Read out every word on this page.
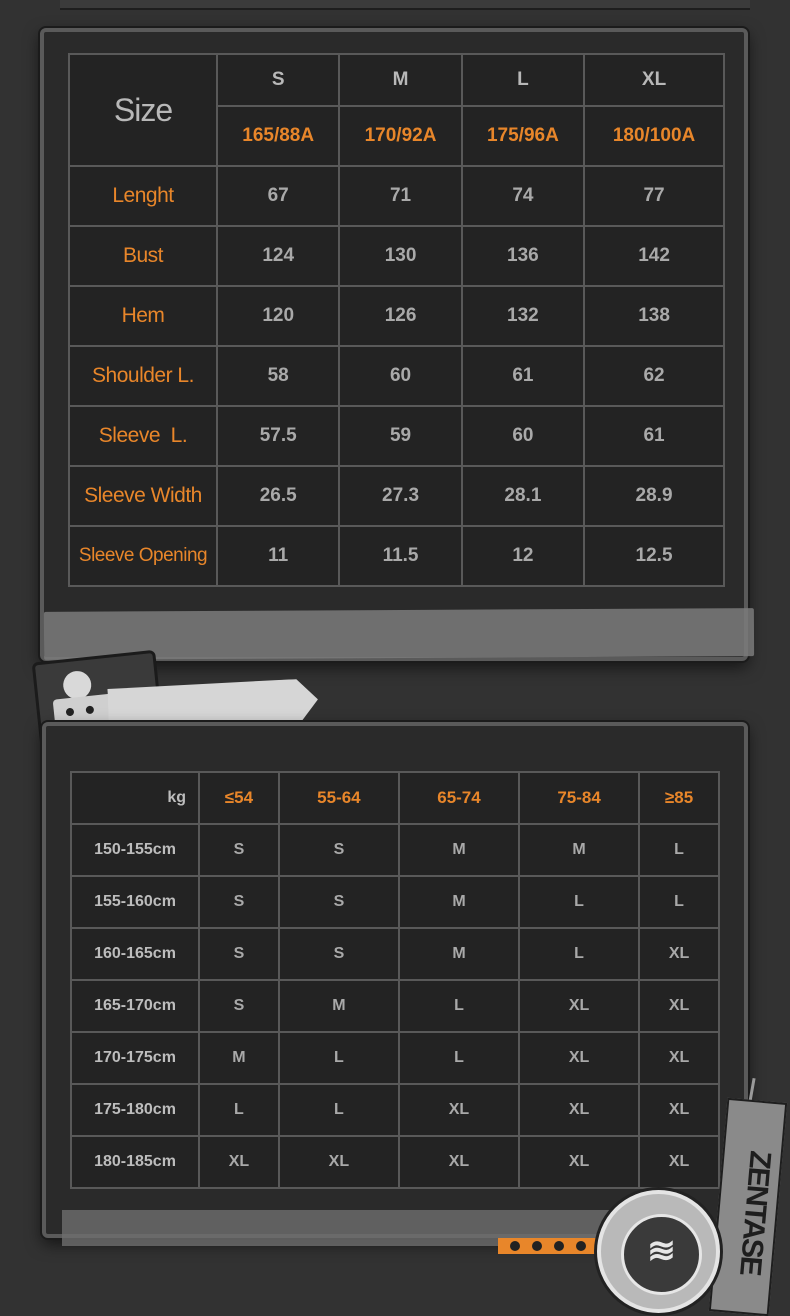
Size	S	M	L	XL
	165/88A	170/92A	175/96A	180/100A
Lenght	67	71	74	77
Bust	124	130	136	142
Hem	120	126	132	138
Shoulder L.	58	60	61	62
Sleeve  L.	57.5	59	60	61
Sleeve Width	26.5	27.3	28.1	28.9
Sleeve Opening	11	11.5	12	12.5
kg	≤54	55-64	65-74	75-84	≥85
150-155cm	S	S	M	M	L
155-160cm	S	S	M	L	L
160-165cm	S	S	M	L	XL
165-170cm	S	M	L	XL	XL
170-175cm	M	L	L	XL	XL
175-180cm	L	L	XL	XL	XL
180-185cm	XL	XL	XL	XL	XL	ZENTASE
≋
